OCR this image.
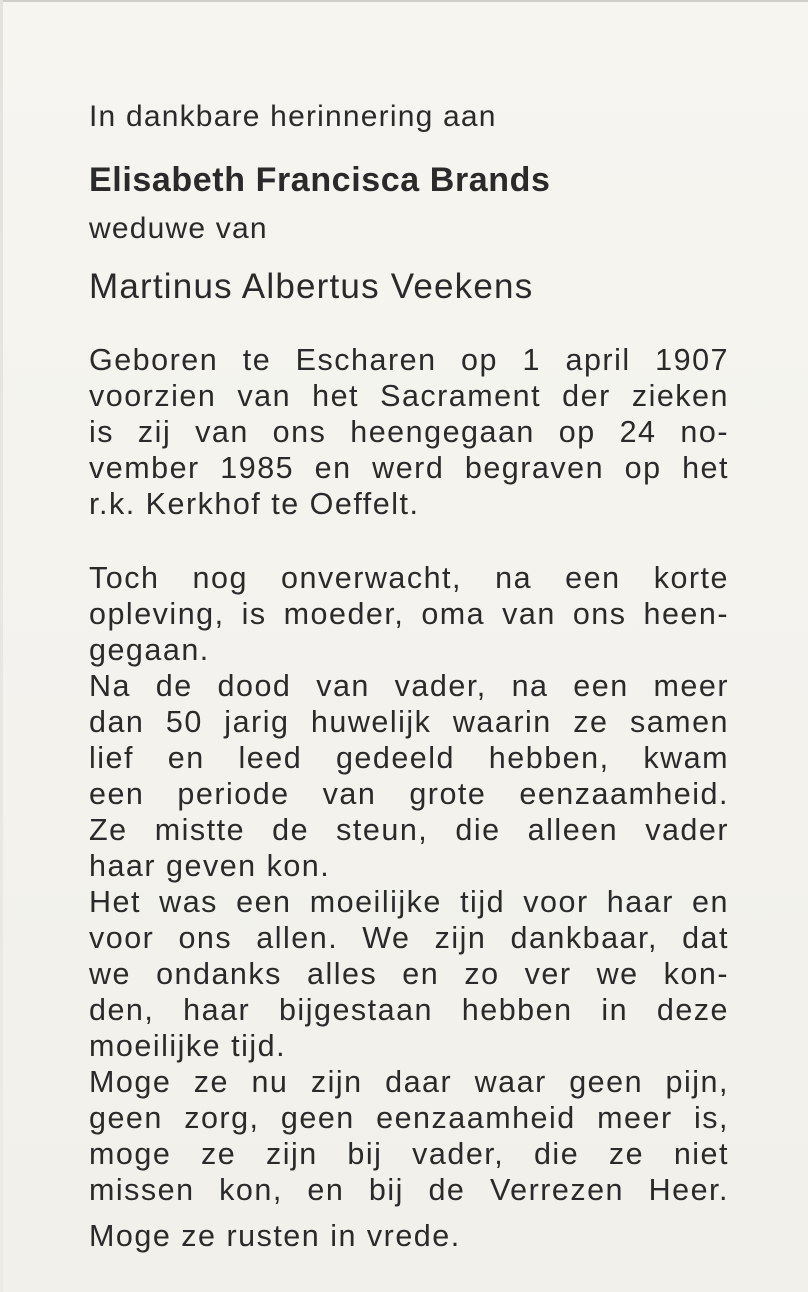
In dankbare herinnering aan

Elisabeth Francisca Brands

weduwe van

Martinus Albertus Veekens

Geboren te Escharen op 1 april 1907
voorzien van het Sacrament der zieken
is zij van ons heengegaan op 24 no-
vember 1985 en werd begraven op het
r.k. Kerkhof te Oeffelt.
Toch nog onverwacht, na een korte
opleving, is moeder, oma van ons heen-
gegaan.
Na de dood van vader, na een meer
dan 50 jarig huwelijk waarin ze samen
lief en leed gedeeld hebben, kwam
een periode van grote eenzaamheid.
Ze mistte de steun, die alleen vader
haar geven kon.
Het was een moeilijke tijd voor haar en
voor ons allen. We zijn dankbaar, dat
we ondanks alles en zo ver we kon-
den, haar bijgestaan hebben in deze
moeilijke tijd.
Moge ze nu zijn daar waar geen pijn,
geen zorg, geen eenzaamheid meer is,
moge ze zijn bij vader, die ze niet
missen kon, en bij de Verrezen Heer.
Moge ze rusten in vrede.
